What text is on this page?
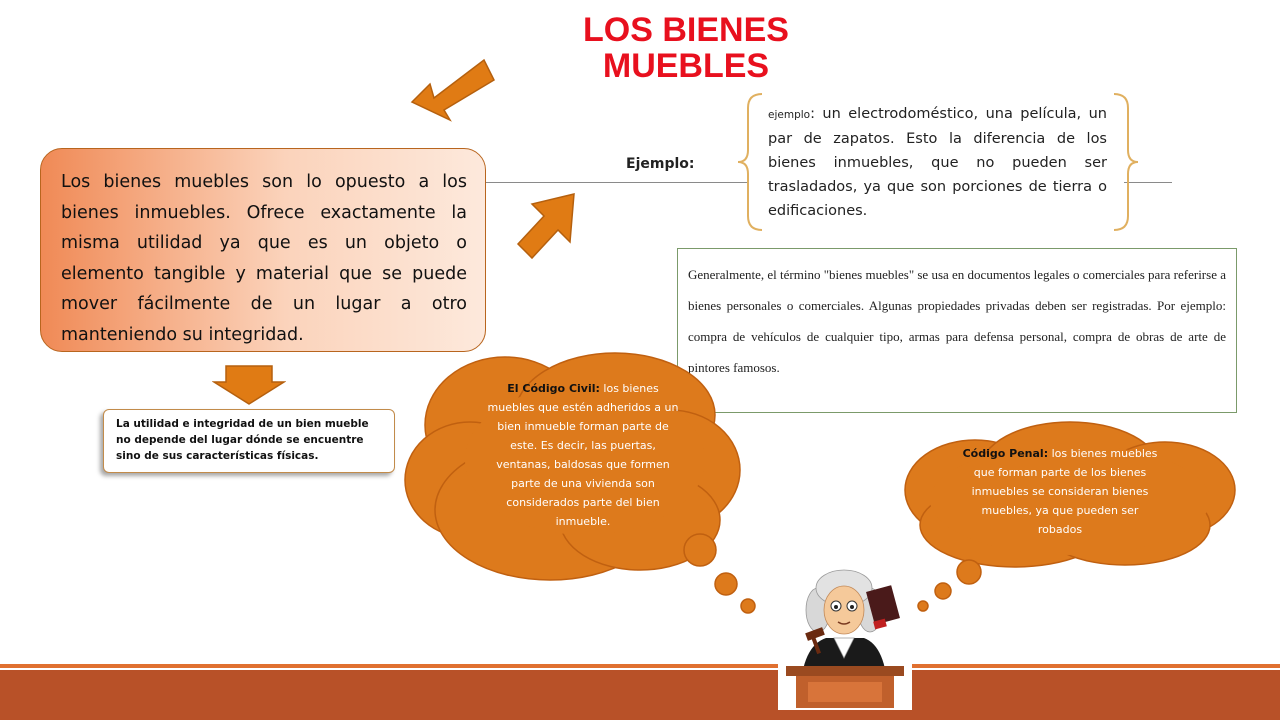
LOS BIENES
MUEBLES
Los bienes muebles son lo opuesto a los bienes inmuebles. Ofrece exactamente la misma utilidad ya que es un objeto o elemento tangible y material que se puede mover fácilmente de un lugar a otro manteniendo su integridad.
Ejemplo:
ejemplo: un electrodoméstico, una película, un par de zapatos. Esto la diferencia de los bienes inmuebles, que no pueden ser trasladados, ya que son porciones de tierra o edificaciones.
Generalmente, el término "bienes muebles" se usa en documentos legales o comerciales para referirse a bienes personales o comerciales. Algunas propiedades privadas deben ser registradas. Por ejemplo: compra de vehículos de cualquier tipo, armas para defensa personal, compra de obras de arte de pintores famosos.
La utilidad e integridad de un bien mueble no depende del lugar dónde se encuentre sino de sus características físicas.
El Código Civil: los bienes muebles que estén adheridos a un bien inmueble forman parte de este. Es decir, las puertas, ventanas, baldosas que formen parte de una vivienda son considerados parte del bien inmueble.
Código Penal: los bienes muebles que forman parte de los bienes inmuebles se consideran bienes muebles, ya que pueden ser robados
